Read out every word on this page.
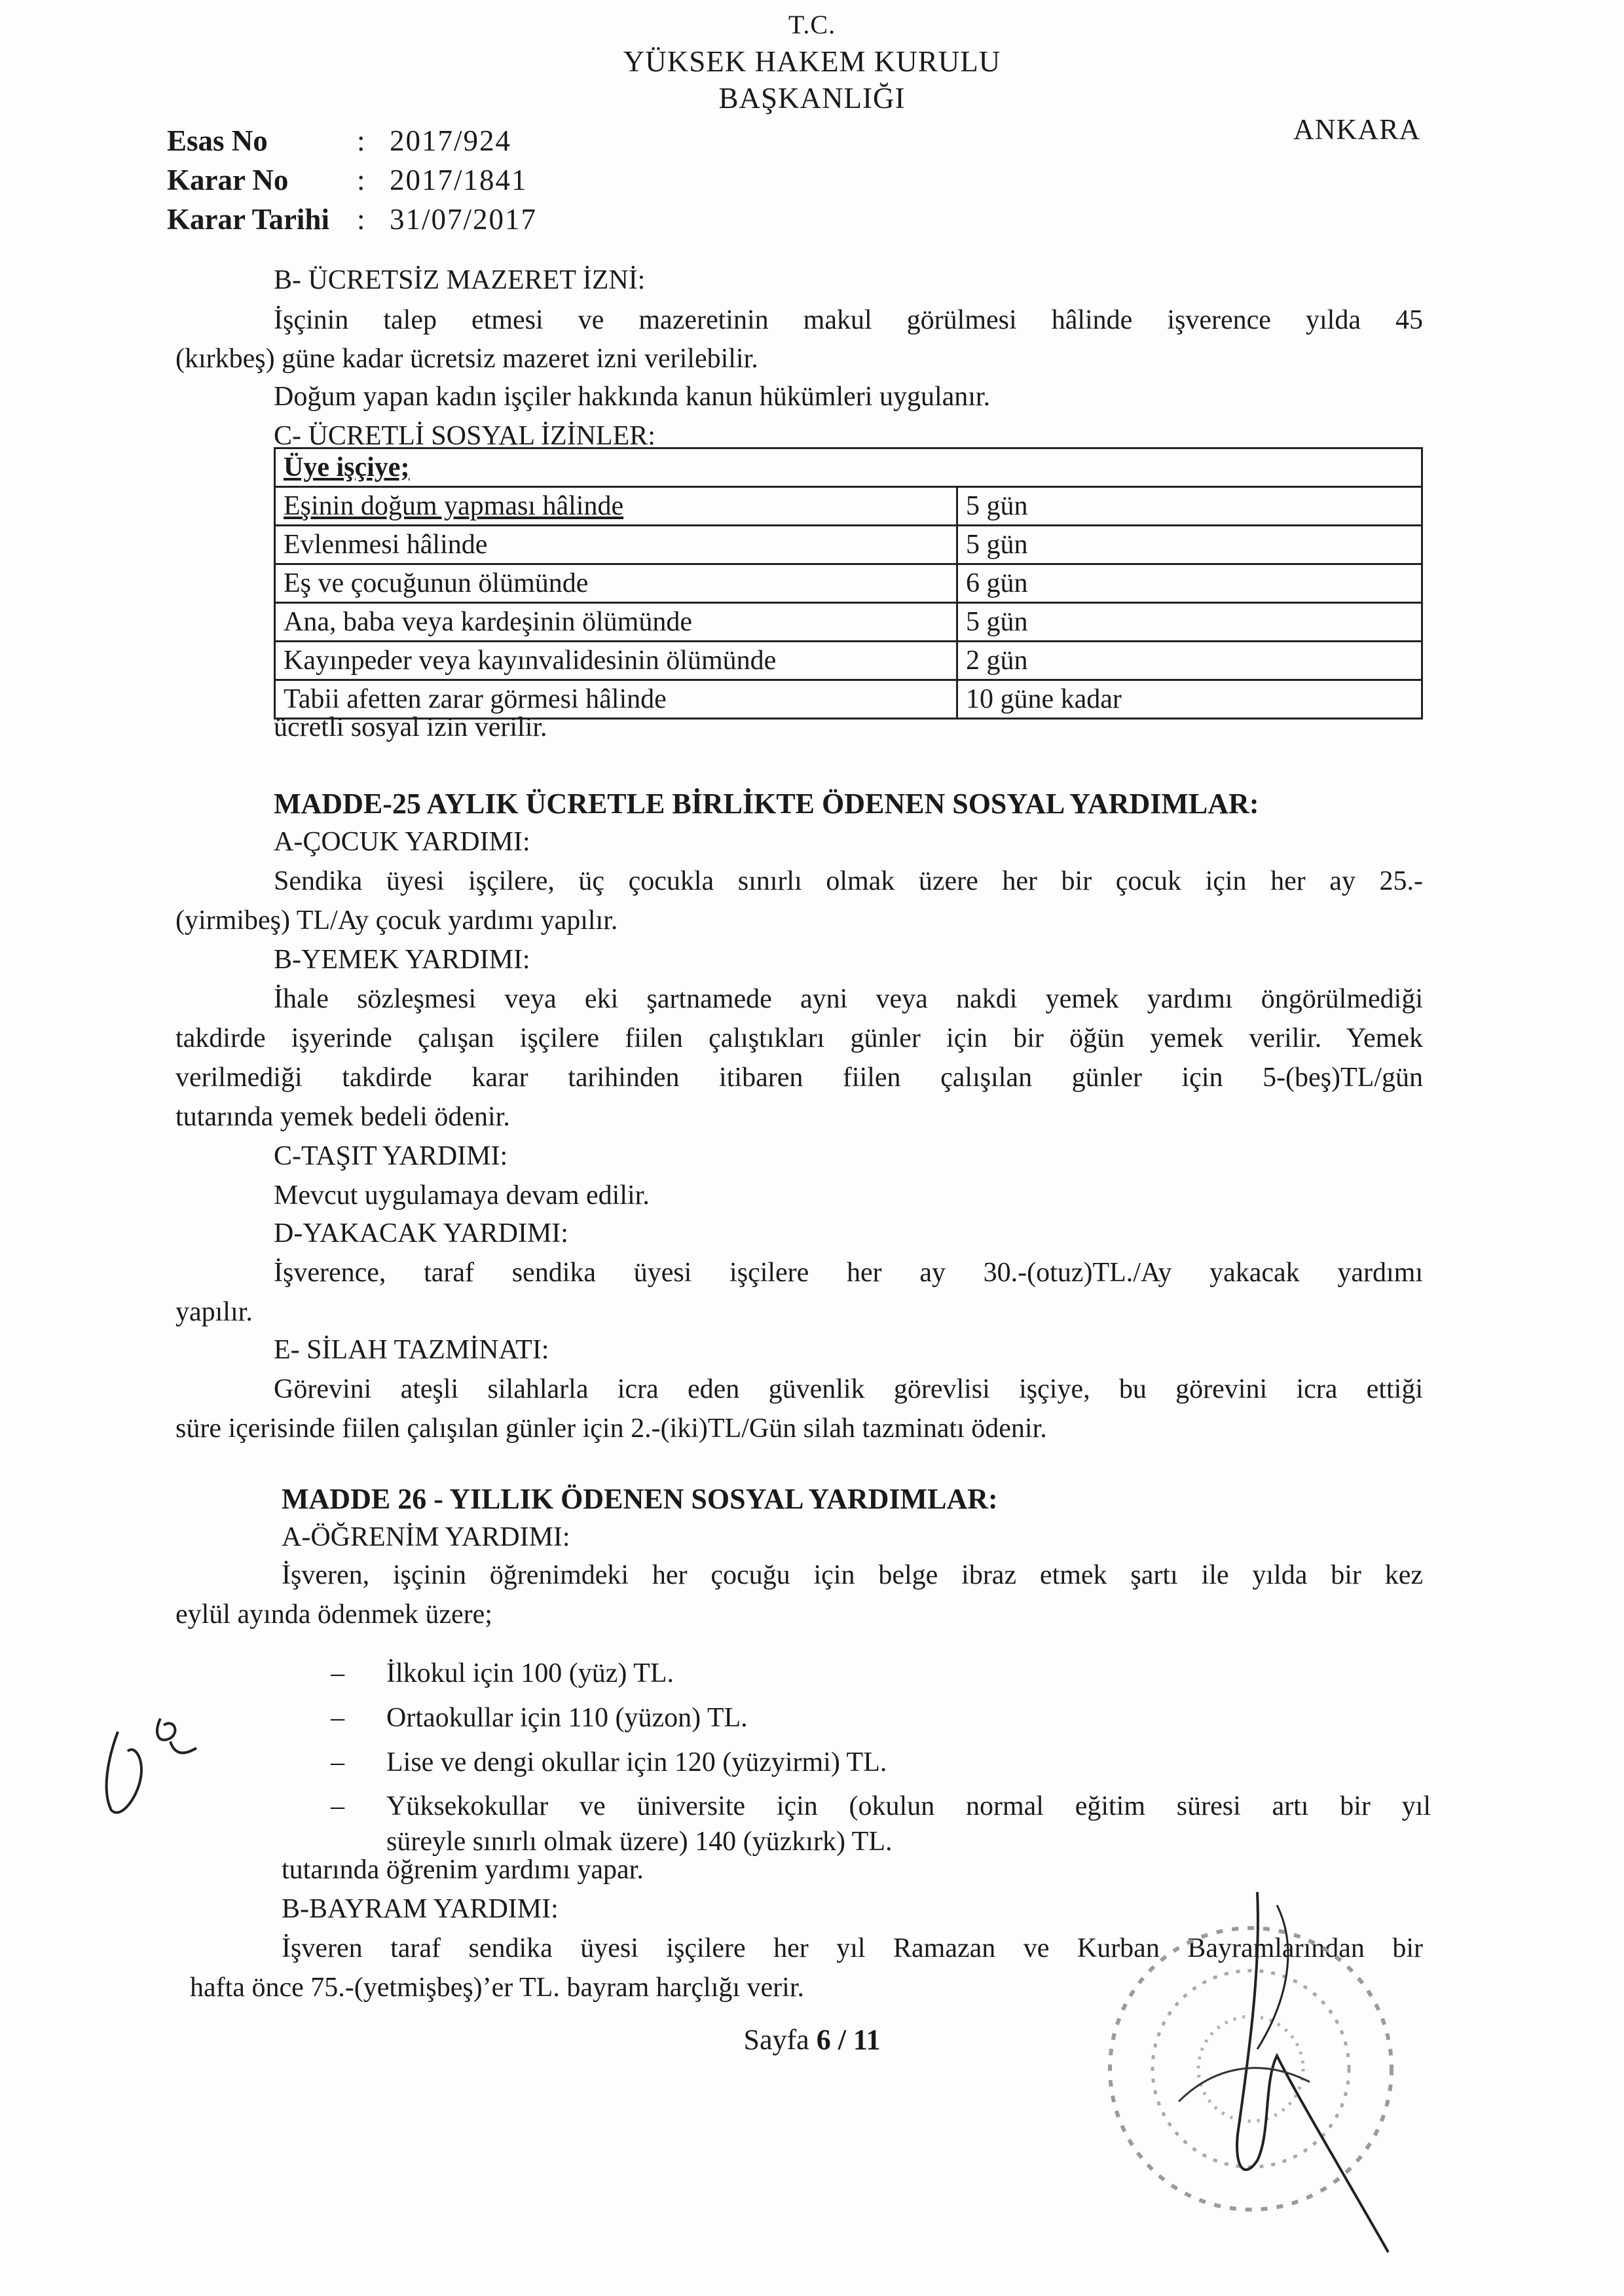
T.C.
YÜKSEK HAKEM KURULU
BAŞKANLIĞI
ANKARA
Esas No	: 2017/924
Karar No	: 2017/1841
Karar Tarihi : 31/07/2017
B- ÜCRETSİZ MAZERET İZNİ:
İşçinin talep etmesi ve mazeretinin makul görülmesi hâlinde işverence yılda 45
(kırkbeş) güne kadar ücretsiz mazeret izni verilebilir.
Doğum yapan kadın işçiler hakkında kanun hükümleri uygulanır.
C- ÜCRETLİ SOSYAL İZİNLER:
Üye işçiye;	
Eşinin doğum yapması hâlinde	5 gün
Evlenmesi hâlinde	5 gün
Eş ve çocuğunun ölümünde	6 gün
Ana, baba veya kardeşinin ölümünde	5 gün
Kayınpeder veya kayınvalidesinin ölümünde	2 gün
Tabii afetten zarar görmesi hâlinde	10 güne kadar
ücretli sosyal izin verilir.
MADDE-25 AYLIK ÜCRETLE BİRLİKTE ÖDENEN SOSYAL YARDIMLAR:
A-ÇOCUK YARDIMI:
Sendika üyesi işçilere, üç çocukla sınırlı olmak üzere her bir çocuk için her ay 25.-
(yirmibeş) TL/Ay çocuk yardımı yapılır.
B-YEMEK YARDIMI:
İhale sözleşmesi veya eki şartnamede ayni veya nakdi yemek yardımı öngörülmediği
takdirde işyerinde çalışan işçilere fiilen çalıştıkları günler için bir öğün yemek verilir. Yemek
verilmediği takdirde karar tarihinden itibaren fiilen çalışılan günler için 5-(beş)TL/gün
tutarında yemek bedeli ödenir.
C-TAŞIT YARDIMI:
Mevcut uygulamaya devam edilir.
D-YAKACAK YARDIMI:
İşverence, taraf sendika üyesi işçilere her ay 30.-(otuz)TL./Ay yakacak yardımı
yapılır.
E- SİLAH TAZMİNATI:
Görevini ateşli silahlarla icra eden güvenlik görevlisi işçiye, bu görevini icra ettiği
süre içerisinde fiilen çalışılan günler için 2.-(iki)TL/Gün silah tazminatı ödenir.
MADDE 26 - YILLIK ÖDENEN SOSYAL YARDIMLAR:
A-ÖĞRENİM YARDIMI:
İşveren, işçinin öğrenimdeki her çocuğu için belge ibraz etmek şartı ile yılda bir kez
eylül ayında ödenmek üzere;
–	İlkokul için 100 (yüz) TL.
–	Ortaokullar için 110 (yüzon) TL.
–	Lise ve dengi okullar için 120 (yüzyirmi) TL.
–	Yüksekokullar ve üniversite için (okulun normal eğitim süresi artı bir yıl
süreyle sınırlı olmak üzere) 140 (yüzkırk) TL.
tutarında öğrenim yardımı yapar.
B-BAYRAM YARDIMI:
İşveren taraf sendika üyesi işçilere her yıl Ramazan ve Kurban Bayramlarından bir
hafta önce 75.-(yetmişbeş)’er TL. bayram harçlığı verir.
Sayfa 6 / 11
